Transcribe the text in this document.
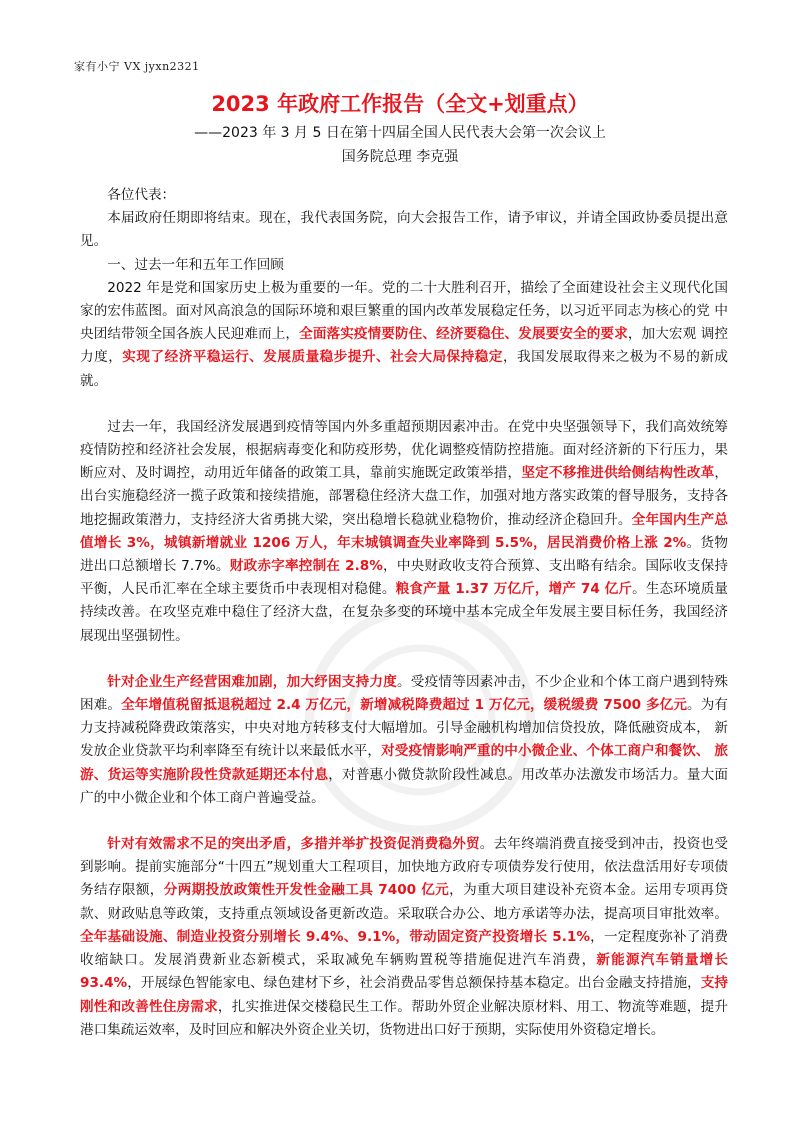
家有小宁 VX jyxn2321
2023 年政府工作报告（全文+划重点）
——2023 年 3 月 5 日在第十四届全国人民代表大会第一次会议上
国务院总理 李克强

各位代表：

本届政府任期即将结束。现在，我代表国务院，向大会报告工作，请予审议，并请全国政协委员提出意见。

一、过去一年和五年工作回顾

2022 年是党和国家历史上极为重要的一年。党的二十大胜利召开，描绘了全面建设社会主义现代化国 家的宏伟蓝图。面对风高浪急的国际环境和艰巨繁重的国内改革发展稳定任务，以习近平同志为核心的党 中央团结带领全国各族人民迎难而上，全面落实疫情要防住、经济要稳住、发展要安全的要求，加大宏观 调控力度，实现了经济平稳运行、发展质量稳步提升、社会大局保持稳定，我国发展取得来之极为不易的新成就。

过去一年，我国经济发展遇到疫情等国内外多重超预期因素冲击。在党中央坚强领导下，我们高效统筹疫情防控和经济社会发展，根据病毒变化和防疫形势，优化调整疫情防控措施。面对经济新的下行压力，果断应对、及时调控，动用近年储备的政策工具，靠前实施既定政策举措，坚定不移推进供给侧结构性改革，出台实施稳经济一揽子政策和接续措施，部署稳住经济大盘工作，加强对地方落实政策的督导服务，支持各地挖掘政策潜力，支持经济大省勇挑大梁，突出稳增长稳就业稳物价，推动经济企稳回升。全年国内生产总值增长 3%，城镇新增就业 1206 万人，年末城镇调查失业率降到 5.5%，居民消费价格上涨 2%。货物进出口总额增长 7.7%。财政赤字率控制在 2.8%，中央财政收支符合预算、支出略有结余。国际收支保持平衡，人民币汇率在全球主要货币中表现相对稳健。粮食产量 1.37 万亿斤，增产 74 亿斤。生态环境质量持续改善。在攻坚克难中稳住了经济大盘，在复杂多变的环境中基本完成全年发展主要目标任务，我国经济展现出坚强韧性。

针对企业生产经营困难加剧，加大纾困支持力度。受疫情等因素冲击，不少企业和个体工商户遇到特殊困难。全年增值税留抵退税超过 2.4 万亿元，新增减税降费超过 1 万亿元，缓税缓费 7500 多亿元。为有力支持减税降费政策落实，中央对地方转移支付大幅增加。引导金融机构增加信贷投放，降低融资成本， 新发放企业贷款平均利率降至有统计以来最低水平，对受疫情影响严重的中小微企业、个体工商户和餐饮、 旅游、货运等实施阶段性贷款延期还本付息，对普惠小微贷款阶段性减息。用改革办法激发市场活力。量大面广的中小微企业和个体工商户普遍受益。

针对有效需求不足的突出矛盾，多措并举扩投资促消费稳外贸。去年终端消费直接受到冲击，投资也受到影响。提前实施部分“十四五”规划重大工程项目，加快地方政府专项债券发行使用，依法盘活用好专项债务结存限额，分两期投放政策性开发性金融工具 7400 亿元，为重大项目建设补充资本金。运用专项再贷款、财政贴息等政策，支持重点领域设备更新改造。采取联合办公、地方承诺等办法，提高项目审批效率。全年基础设施、制造业投资分别增长 9.4%、9.1%，带动固定资产投资增长 5.1%，一定程度弥补了消费收缩缺口。发展消费新业态新模式，采取减免车辆购置税等措施促进汽车消费，新能源汽车销量增长 93.4%，开展绿色智能家电、绿色建材下乡，社会消费品零售总额保持基本稳定。出台金融支持措施，支持刚性和改善性住房需求，扎实推进保交楼稳民生工作。帮助外贸企业解决原材料、用工、物流等难题，提升港口集疏运效率，及时回应和解决外资企业关切，货物进出口好于预期，实际使用外资稳定增长。
